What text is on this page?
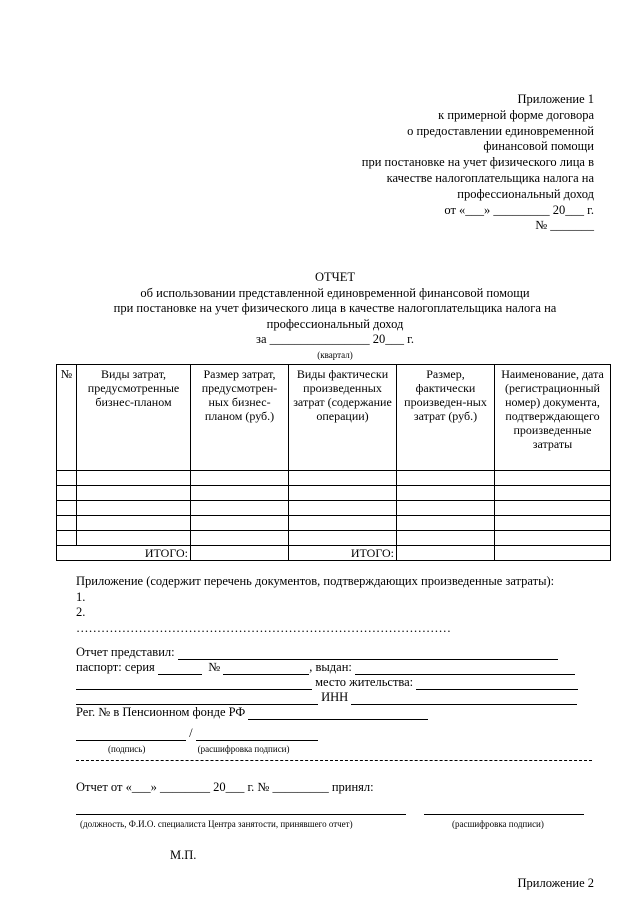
Приложение 1
к примерной форме договора
о предоставлении единовременной
финансовой помощи
при постановке на учет физического лица в
качестве налогоплательщика налога на
профессиональный доход
от «___» _________ 20___ г.
№ _______
ОТЧЕТ
об использовании представленной единовременной финансовой помощи
при постановке на учет физического лица в качестве налогоплательщика налога на
профессиональный доход
за ________________ 20___ г.
(квартал)
№	Виды затрат, предусмотренные бизнес-планом	Размер затрат, предусмотрен-ных бизнес-планом (руб.)	Виды фактически произведенных затрат (содержание операции)	Размер, фактически произведен-ных затрат (руб.)	Наименование, дата (регистрационный номер) документа, подтверждающего произведенные затраты

ИТОГО:			ИТОГО:		
Приложение (содержит перечень документов, подтверждающих произведенные затраты):
1.
2.
………………………………………………………………………………
Отчет представил:

паспорт: серия

	№
	, выдан:

место жительства:

ИНН

Рег. № в Пенсионном фонде РФ

/

(подпись)	(расшифровка подписи)
Отчет от «___» ________ 20___ г. № _________ принял:
(должность, Ф.И.О. специалиста Центра занятости, принявшего отчет)	(расшифровка подписи)
М.П.
Приложение 2
